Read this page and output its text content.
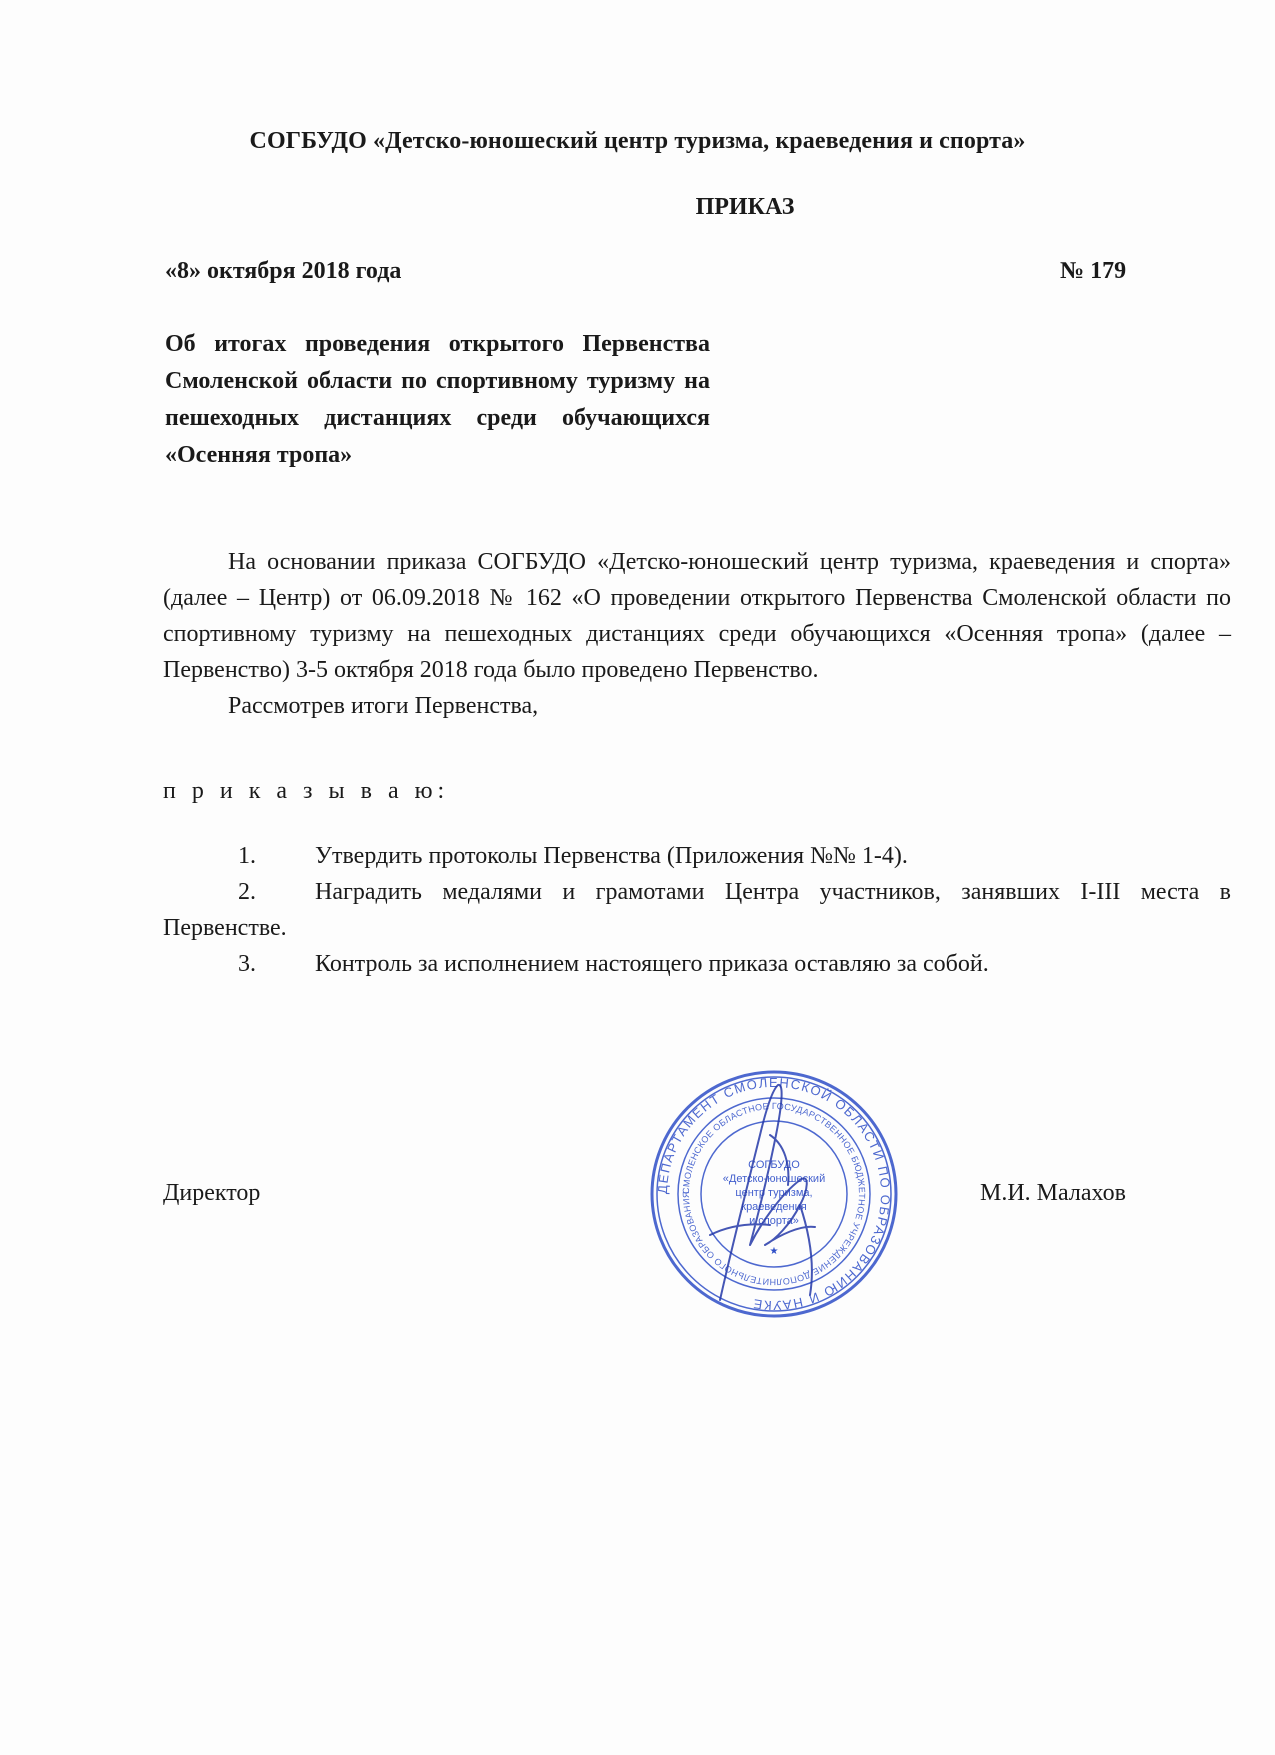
СОГБУДО «Детско-юношеский центр туризма, краеведения и спорта»
ПРИКАЗ
«8» октября 2018 года	№ 179
Об итогах проведения открытого Первенства Смоленской области по спортивному туризму на пешеходных дистанциях среди обучающихся «Осенняя тропа»

На основании приказа СОГБУДО «Детско-юношеский центр туризма, краеведения и спорта» (далее – Центр) от 06.09.2018 № 162 «О проведении открытого Первенства Смоленской области по спортивному туризму на пешеходных дистанциях среди обучающихся «Осенняя тропа» (далее – Первенство) 3-5 октября 2018 года было проведено Первенство.

Рассмотрев итоги Первенства,

п р и к а з ы в а ю:

1. Утвердить протоколы Первенства (Приложения №№ 1-4).

2. Наградить медалями и грамотами Центра участников, занявших I-III места в Первенстве.

3. Контроль за исполнением настоящего приказа оставляю за собой.

Директор	М.И. Малахов
ДЕПАРТАМЕНТ СМОЛЕНСКОЙ ОБЛАСТИ ПО ОБРАЗОВАНИЮ И НАУКЕ
СМОЛЕНСКОЕ ОБЛАСТНОЕ ГОСУДАРСТВЕННОЕ БЮДЖЕТНОЕ УЧРЕЖДЕНИЕ ДОПОЛНИТЕЛЬНОГО ОБРАЗОВАНИЯ
СОГБУДО
«Детско-юношеский
центр туризма,
краеведения
и спорта»
★
